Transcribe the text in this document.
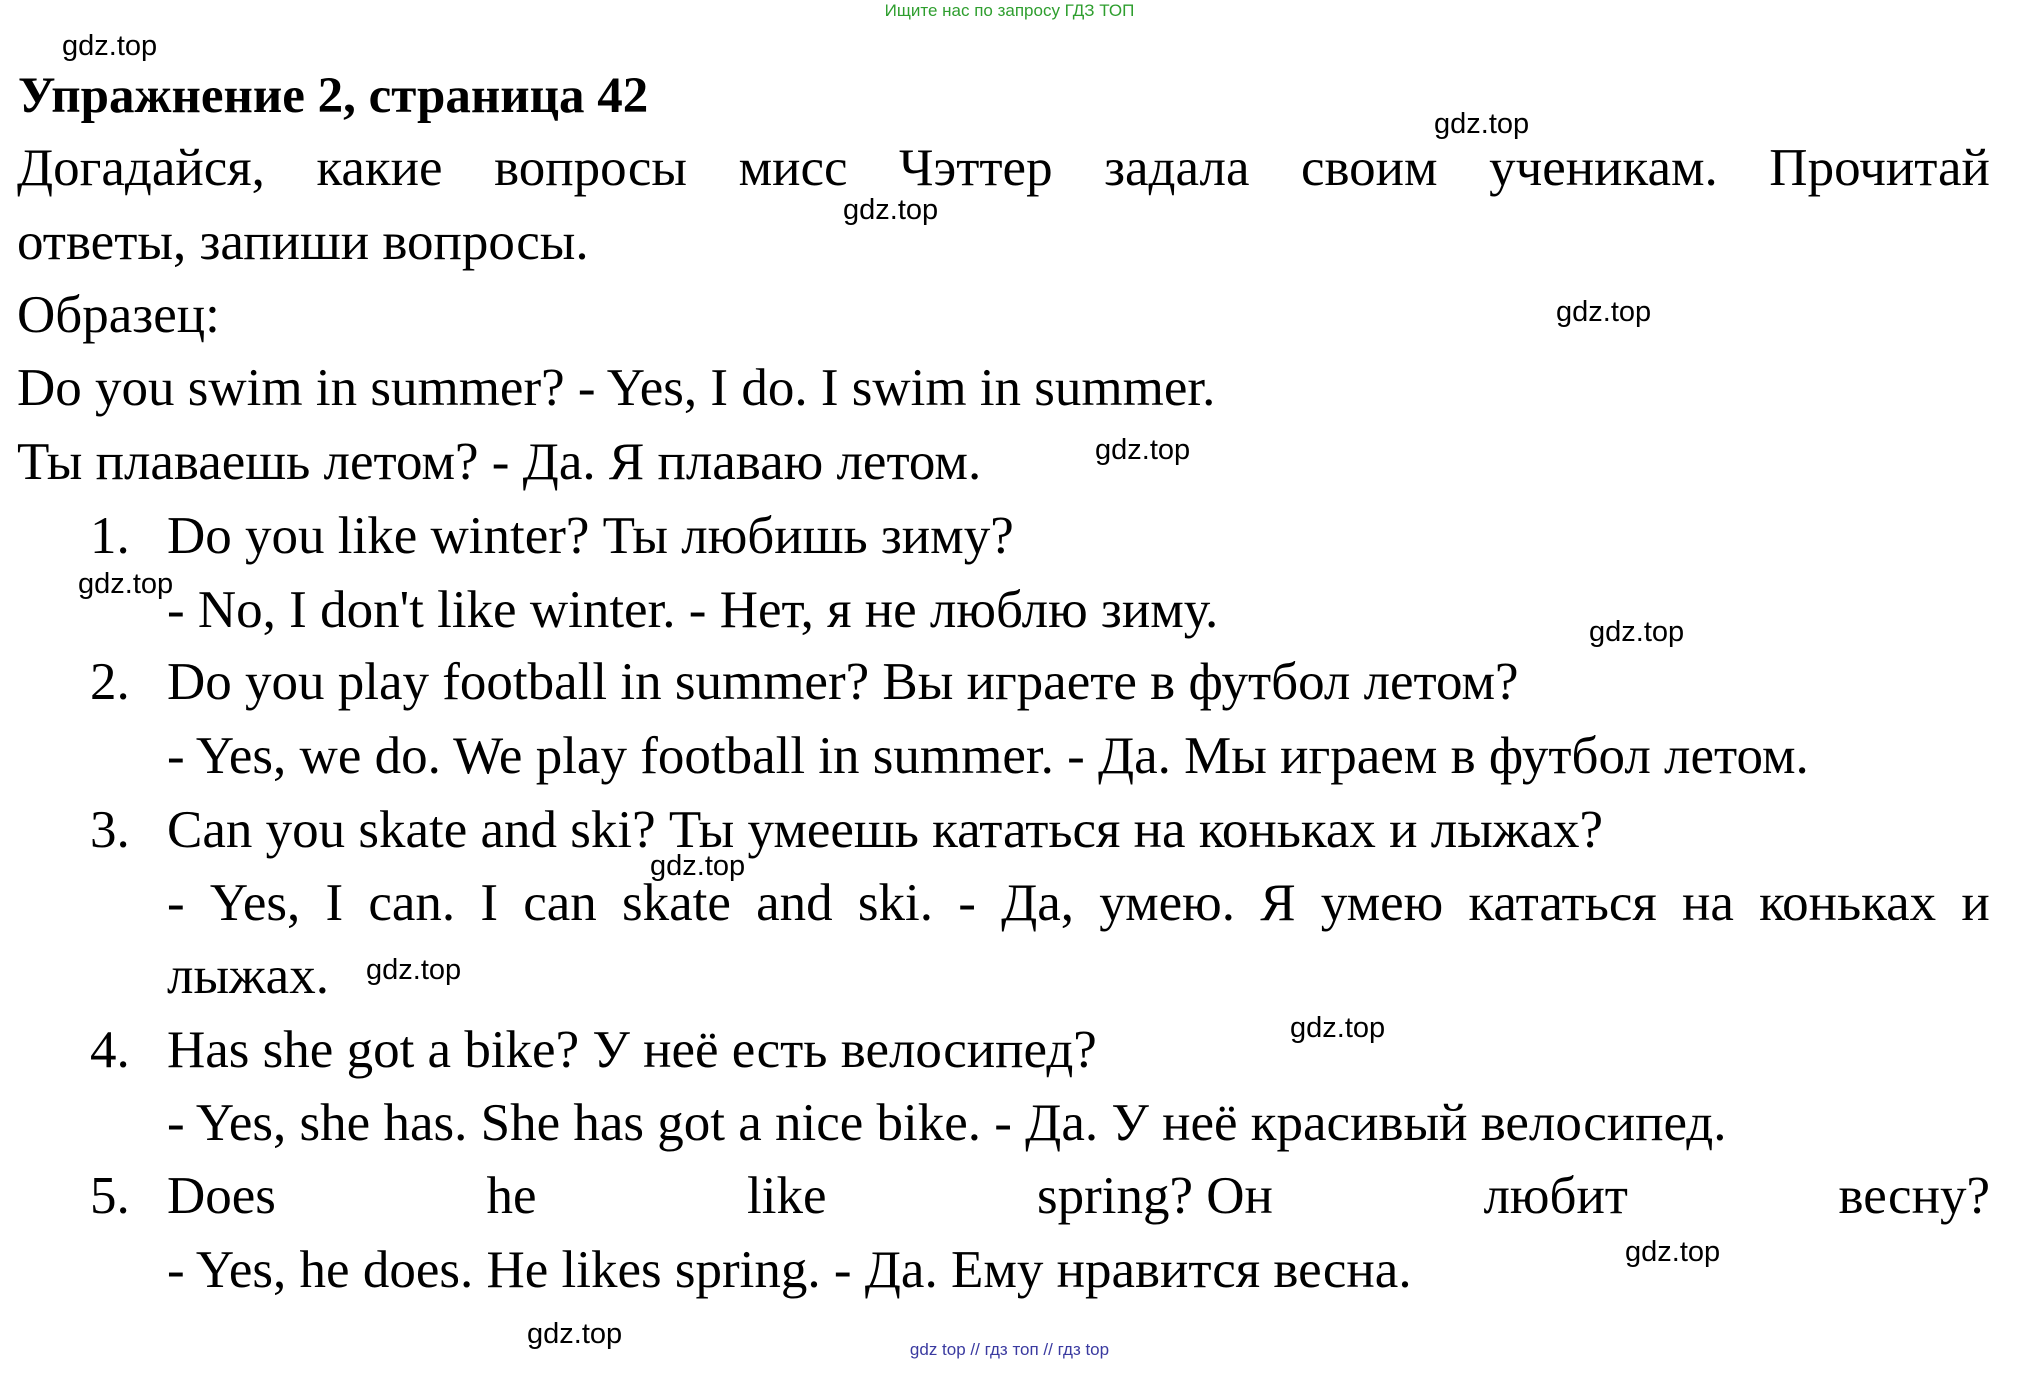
Ищите нас по запросу ГДЗ ТОП
gdz.top
gdz.top
gdz.top
gdz.top
gdz.top
gdz.top
gdz.top
gdz.top
gdz.top
gdz.top
gdz.top
gdz.top
Упражнение 2, страница 42
Догадайся, какие вопросы мисс Чэттер задала своим ученикам. Прочитай
ответы, запиши вопросы.
Образец:
Do you swim in summer? - Yes, I do. I swim in summer.
Ты плаваешь летом? - Да. Я плаваю летом.
1. Do you like winter? Ты любишь зиму?
- No, I don't like winter. - Нет, я не люблю зиму.
2. Do you play football in summer? Вы играете в футбол летом?
- Yes, we do. We play football in summer. - Да. Мы играем в футбол летом.
3. Can you skate and ski? Ты умеешь кататься на коньках и лыжах?
- Yes, I can. I can skate and ski. - Да, умею. Я умею кататься на коньках и
лыжах.
4. Has she got a bike? У неё есть велосипед?
- Yes, she has. She has got a nice bike. - Да. У неё красивый велосипед.
5. Does	he	like	spring? Он	любит	весну?
- Yes, he does. He likes spring. - Да. Ему нравится весна.
gdz top // гдз топ // гдз top
